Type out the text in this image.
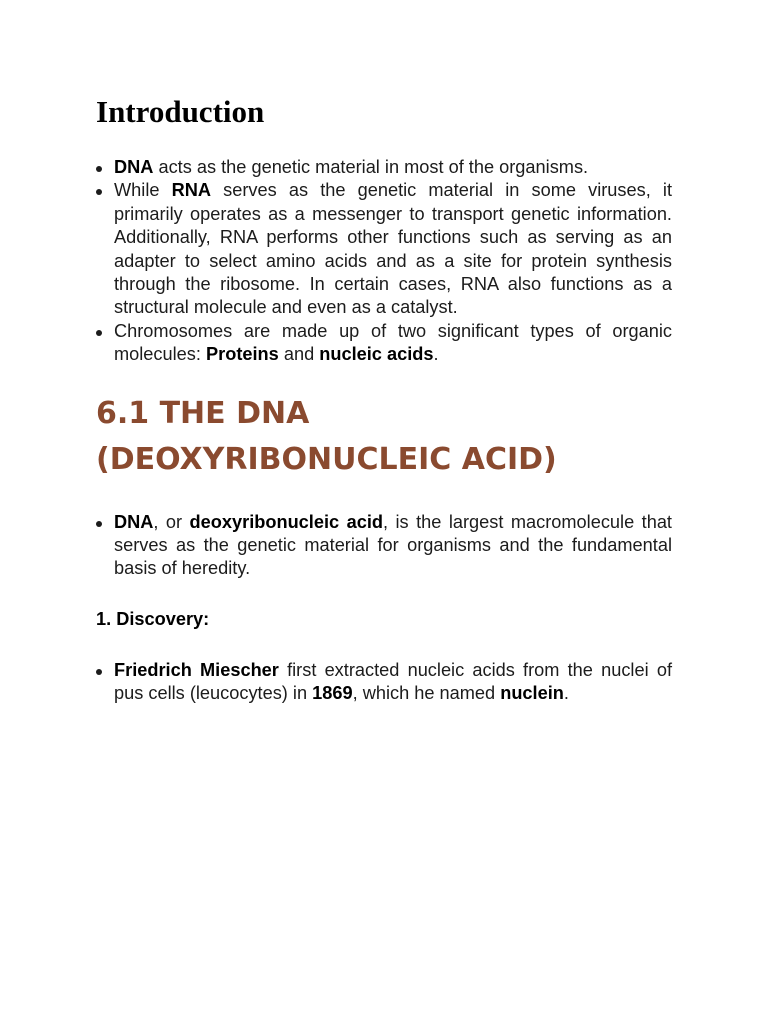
Introduction
DNA acts as the genetic material in most of the organisms.
While RNA serves as the genetic material in some viruses, it primarily operates as a messenger to transport genetic information. Additionally, RNA performs other functions such as serving as an adapter to select amino acids and as a site for protein synthesis through the ribosome. In certain cases, RNA also functions as a structural molecule and even as a catalyst.
Chromosomes are made up of two significant types of organic molecules: Proteins and nucleic acids.
6.1 THE DNA (DEOXYRIBONUCLEIC ACID)
DNA, or deoxyribonucleic acid, is the largest macromolecule that serves as the genetic material for organisms and the fundamental basis of heredity.
1. Discovery:
Friedrich Miescher first extracted nucleic acids from the nuclei of pus cells (leucocytes) in 1869, which he named nuclein.
